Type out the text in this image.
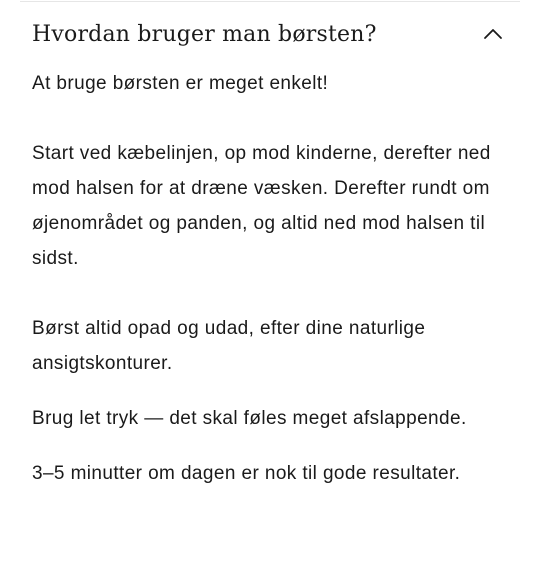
Hvordan bruger man børsten?

At bruge børsten er meget enkelt!

Start ved kæbelinjen, op mod kinderne, derefter ned mod halsen for at dræne væsken. Derefter rundt om øjenområdet og panden, og altid ned mod halsen til sidst.

Børst altid opad og udad, efter dine naturlige ansigtskonturer.

Brug let tryk — det skal føles meget afslappende.

3–5 minutter om dagen er nok til gode resultater.
